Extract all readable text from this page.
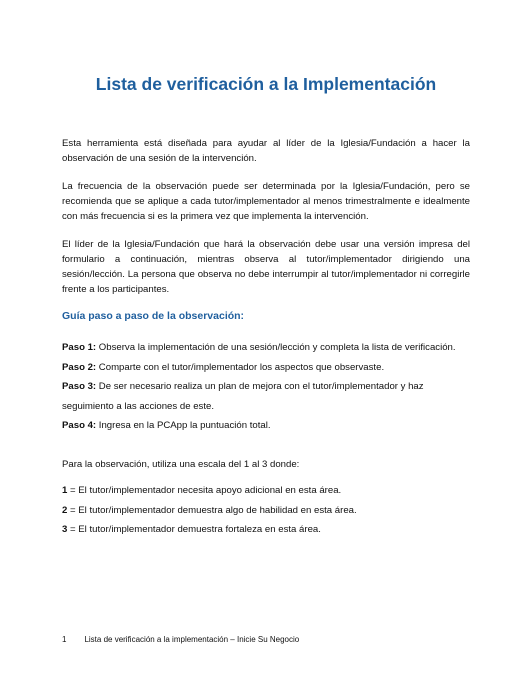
Lista de verificación a la Implementación

Esta herramienta está diseñada para ayudar al líder de la Iglesia/Fundación a hacer la observación de una sesión de la intervención.

La frecuencia de la observación puede ser determinada por la Iglesia/Fundación, pero se recomienda que se aplique a cada tutor/implementador al menos trimestralmente e idealmente con más frecuencia si es la primera vez que implementa la intervención.

El líder de la Iglesia/Fundación que hará la observación debe usar una versión impresa del formulario a continuación, mientras observa al tutor/implementador dirigiendo una sesión/lección. La persona que observa no debe interrumpir al tutor/implementador ni corregirle frente a los participantes.

Guía paso a paso de la observación:

Paso 1: Observa la implementación de una sesión/lección y completa la lista de verificación.

Paso 2: Comparte con el tutor/implementador los aspectos que observaste.

Paso 3: De ser necesario realiza un plan de mejora con el tutor/implementador y haz seguimiento a las acciones de este.

Paso 4: Ingresa en la PCApp la puntuación total.

Para la observación, utiliza una escala del 1 al 3 donde:

1 = El tutor/implementador necesita apoyo adicional en esta área.

2 = El tutor/implementador demuestra algo de habilidad en esta área.

3 = El tutor/implementador demuestra fortaleza en esta área.

1 Lista de verificación a la implementación – Inicie Su Negocio
